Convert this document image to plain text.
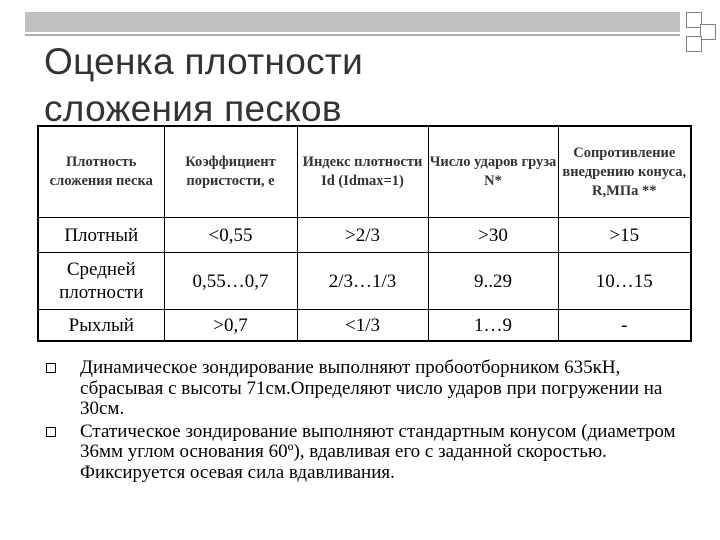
Оценка плотности
сложения песков
Плотность сложения песка	Коэффициент пористости, е	Индекс плотности Id (Idmax=1)	Число ударов груза N*	Сопротивление внедрению конуса, R,МПа **
Плотный	<0,55	>2/3	>30	>15
Средней плотности	0,55…0,7	2/3…1/3	9..29	10…15
Рыхлый	>0,7	<1/3	1…9	-
Динамическое зондирование выполняют пробоотборником 635кН, сбрасывая с высоты 71см.Определяют число ударов при погружении на 30см.
Статическое зондирование выполняют стандартным конусом (диаметром 36мм углом основания 60º), вдавливая его с заданной скоростью. Фиксируется осевая сила вдавливания.
